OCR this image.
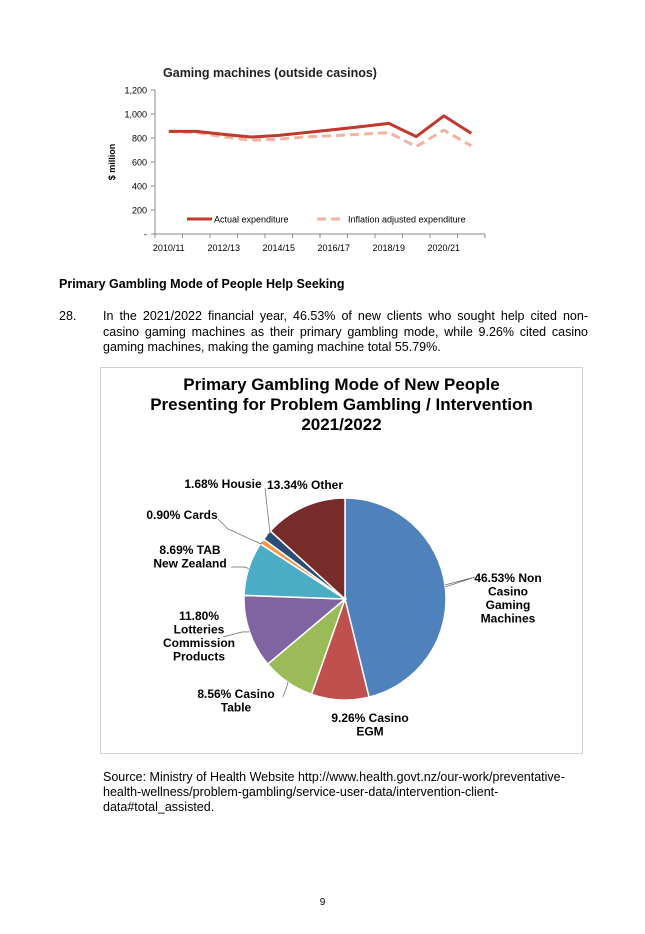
Gaming machines (outside casinos)
-
200
400
600
800
1,000
1,200
$ million
2010/11	2012/13 2014/15 2016/17 2018/19 2020/21
Actual expenditure	Inflation adjusted expenditure
Primary Gambling Mode of People Help Seeking
28. In the 2021/2022 financial year, 46.53% of new clients who sought help cited non-casino gaming machines as their primary gambling mode, while 9.26% cited casino gaming machines, making the gaming machine total 55.79%.
46.53% Non
Casino
Gaming
Machines
9.26% Casino
EGM
8.56% Casino
Table
11.80%
Lotteries
Commission
Products
8.69% TAB
New Zealand
0.90% Cards
1.68% Housie 13.34% Other
Primary Gambling Mode of New People
Presenting for Problem Gambling / Intervention
2021/2022
Source: Ministry of Health Website http://www.health.govt.nz/our-work/preventative-health-wellness/problem-gambling/service-user-data/intervention-client-data#total_assisted.
9
